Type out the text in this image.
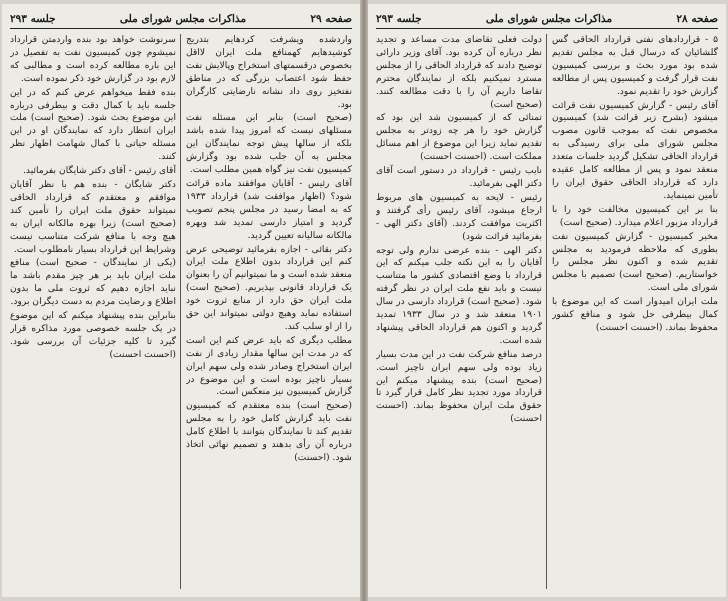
صفحه ۲۹
مذاکرات مجلس شورای ملی
جلسه ۲۹۳

واردشده ویشرفت کردهایم بتدریج کوشیدهایم کهمنافع ملت ایران لااقل بخصوص درقسمتهای استخراج وپالایش نفت حفظ شود اعتصاب بزرگی که در مناطق نفتخیز روی داد نشانه نارضایتی کارگران بود.

(صحیح است) بنابر این مسئله نفت مسئلهای نیست که امروز پیدا شده باشد بلکه از سالها پیش توجه نمایندگان این مجلس به آن جلب شده بود وگزارش کمیسیون نفت نیز گواه همین مطلب است.

آقای رئیس - آقایان موافقند ماده قرائت شود؟ (اظهار موافقت شد) قرارداد ۱۹۳۳ که به امضا رسید در مجلس پنجم تصویب گردید و امتیاز دارسی تمدید شد وبهره مالکانه سالیانه تعیین گردید.

دکتر بقائی - اجازه بفرمائید توضیحی عرض کنم این قرارداد بدون اطلاع ملت ایران منعقد شده است و ما نمیتوانیم آن را بعنوان یک قرارداد قانونی بپذیریم. (صحیح است) ملت ایران حق دارد از منابع ثروت خود استفاده نماید وهیچ دولتی نمیتواند این حق را از او سلب کند.

مطلب دیگری که باید عرض کنم این است که در مدت این سالها مقدار زیادی از نفت ایران استخراج وصادر شده ولی سهم ایران بسیار ناچیز بوده است و این موضوع در گزارش کمیسیون نیز منعکس است.

(صحیح است) بنده معتقدم که کمیسیون نفت باید گزارش کامل خود را به مجلس تقدیم کند تا نمایندگان بتوانند با اطلاع کامل درباره آن رأی بدهند و تصمیم نهائی اتخاذ شود. (احسنت)

سرنوشت خواهد بود بنده واردمتن قرارداد نمیشوم چون کمیسیون نفت به تفصیل در این باره مطالعه کرده است و مطالبی که لازم بود در گزارش خود ذکر نموده است.

بنده فقط میخواهم عرض کنم که در این جلسه باید با کمال دقت و بیطرفی درباره این موضوع بحث شود. (صحیح است) ملت ایران انتظار دارد که نمایندگان او در این مسئله حیاتی با کمال شهامت اظهار نظر کنند.

آقای رئیس - آقای دکتر شایگان بفرمائید.

دکتر شایگان - بنده هم با نظر آقایان موافقم و معتقدم که قرارداد الحاقی نمیتواند حقوق ملت ایران را تأمین کند (صحیح است) زیرا بهره مالکانه ایران به هیچ وجه با منافع شرکت متناسب نیست وشرایط این قرارداد بسیار نامطلوب است.

(یکی از نمایندگان - صحیح است) منافع ملت ایران باید بر هر چیز مقدم باشد ما نباید اجازه دهیم که ثروت ملی ما بدون اطلاع و رضایت مردم به دست دیگران برود.

بنابراین بنده پیشنهاد میکنم که این موضوع در یک جلسه خصوصی مورد مذاکره قرار گیرد تا کلیه جزئیات آن بررسی شود. (احسنت احسنت)

صفحه ۲۸
مذاکرات مجلس شورای ملی
جلسه ۲۹۳

۵ - قراردادهای نفتی قرارداد الحاقی گس گلشائیان که درسال قبل به مجلس تقدیم شده بود مورد بحث و بررسی کمیسیون نفت قرار گرفت و کمیسیون پس از مطالعه گزارش خود را تقدیم نمود.

آقای رئیس - گزارش کمیسیون نفت قرائت میشود (بشرح زیر قرائت شد) کمیسیون مخصوص نفت که بموجب قانون مصوب مجلس شورای ملی برای رسیدگی به قرارداد الحاقی تشکیل گردید جلسات متعدد منعقد نمود و پس از مطالعه کامل عقیده دارد که قرارداد الحاقی حقوق ایران را تأمین نمینماید.

بنا بر این کمیسیون مخالفت خود را با قرارداد مزبور اعلام میدارد. (صحیح است)

مخبر کمیسیون - گزارش کمیسیون نفت بطوری که ملاحظه فرمودید به مجلس تقدیم شده و اکنون نظر مجلس را خواستاریم. (صحیح است) تصمیم با مجلس شورای ملی است.

ملت ایران امیدوار است که این موضوع با کمال بیطرفی حل شود و منافع کشور محفوظ بماند. (احسنت احسنت)

دولت فعلی تقاضای مدت مساعد و تجدید نظر درباره آن کرده بود. آقای وزیر دارائی توضیح دادند که قرارداد الحاقی را از مجلس مسترد نمیکنیم بلکه از نمایندگان محترم تقاضا داریم آن را با دقت مطالعه کنند. (صحیح است)

تمنائی که از کمیسیون شد این بود که گزارش خود را هر چه زودتر به مجلس تقدیم نماید زیرا این موضوع از اهم مسائل مملکت است. (احسنت احسنت)

نایب رئیس - قرارداد در دستور است آقای دکتر الهی بفرمائید.

رئیس - لایحه به کمیسیون های مربوط ارجاع میشود، آقای رئیس رأی گرفتند و اکثریت موافقت کردند. (آقای دکتر الهی - بفرمائید قرائت شود)

دکتر الهی - بنده عرضی ندارم ولی توجه آقایان را به این نکته جلب میکنم که این قرارداد با وضع اقتصادی کشور ما متناسب نیست و باید نفع ملت ایران در نظر گرفته شود. (صحیح است) قرارداد دارسی در سال ۱۹۰۱ منعقد شد و در سال ۱۹۳۳ تمدید گردید و اکنون هم قرارداد الحاقی پیشنهاد شده است.

درصد منافع شرکت نفت در این مدت بسیار زیاد بوده ولی سهم ایران ناچیز است. (صحیح است) بنده پیشنهاد میکنم این قرارداد مورد تجدید نظر کامل قرار گیرد تا حقوق ملت ایران محفوظ بماند. (احسنت احسنت)
